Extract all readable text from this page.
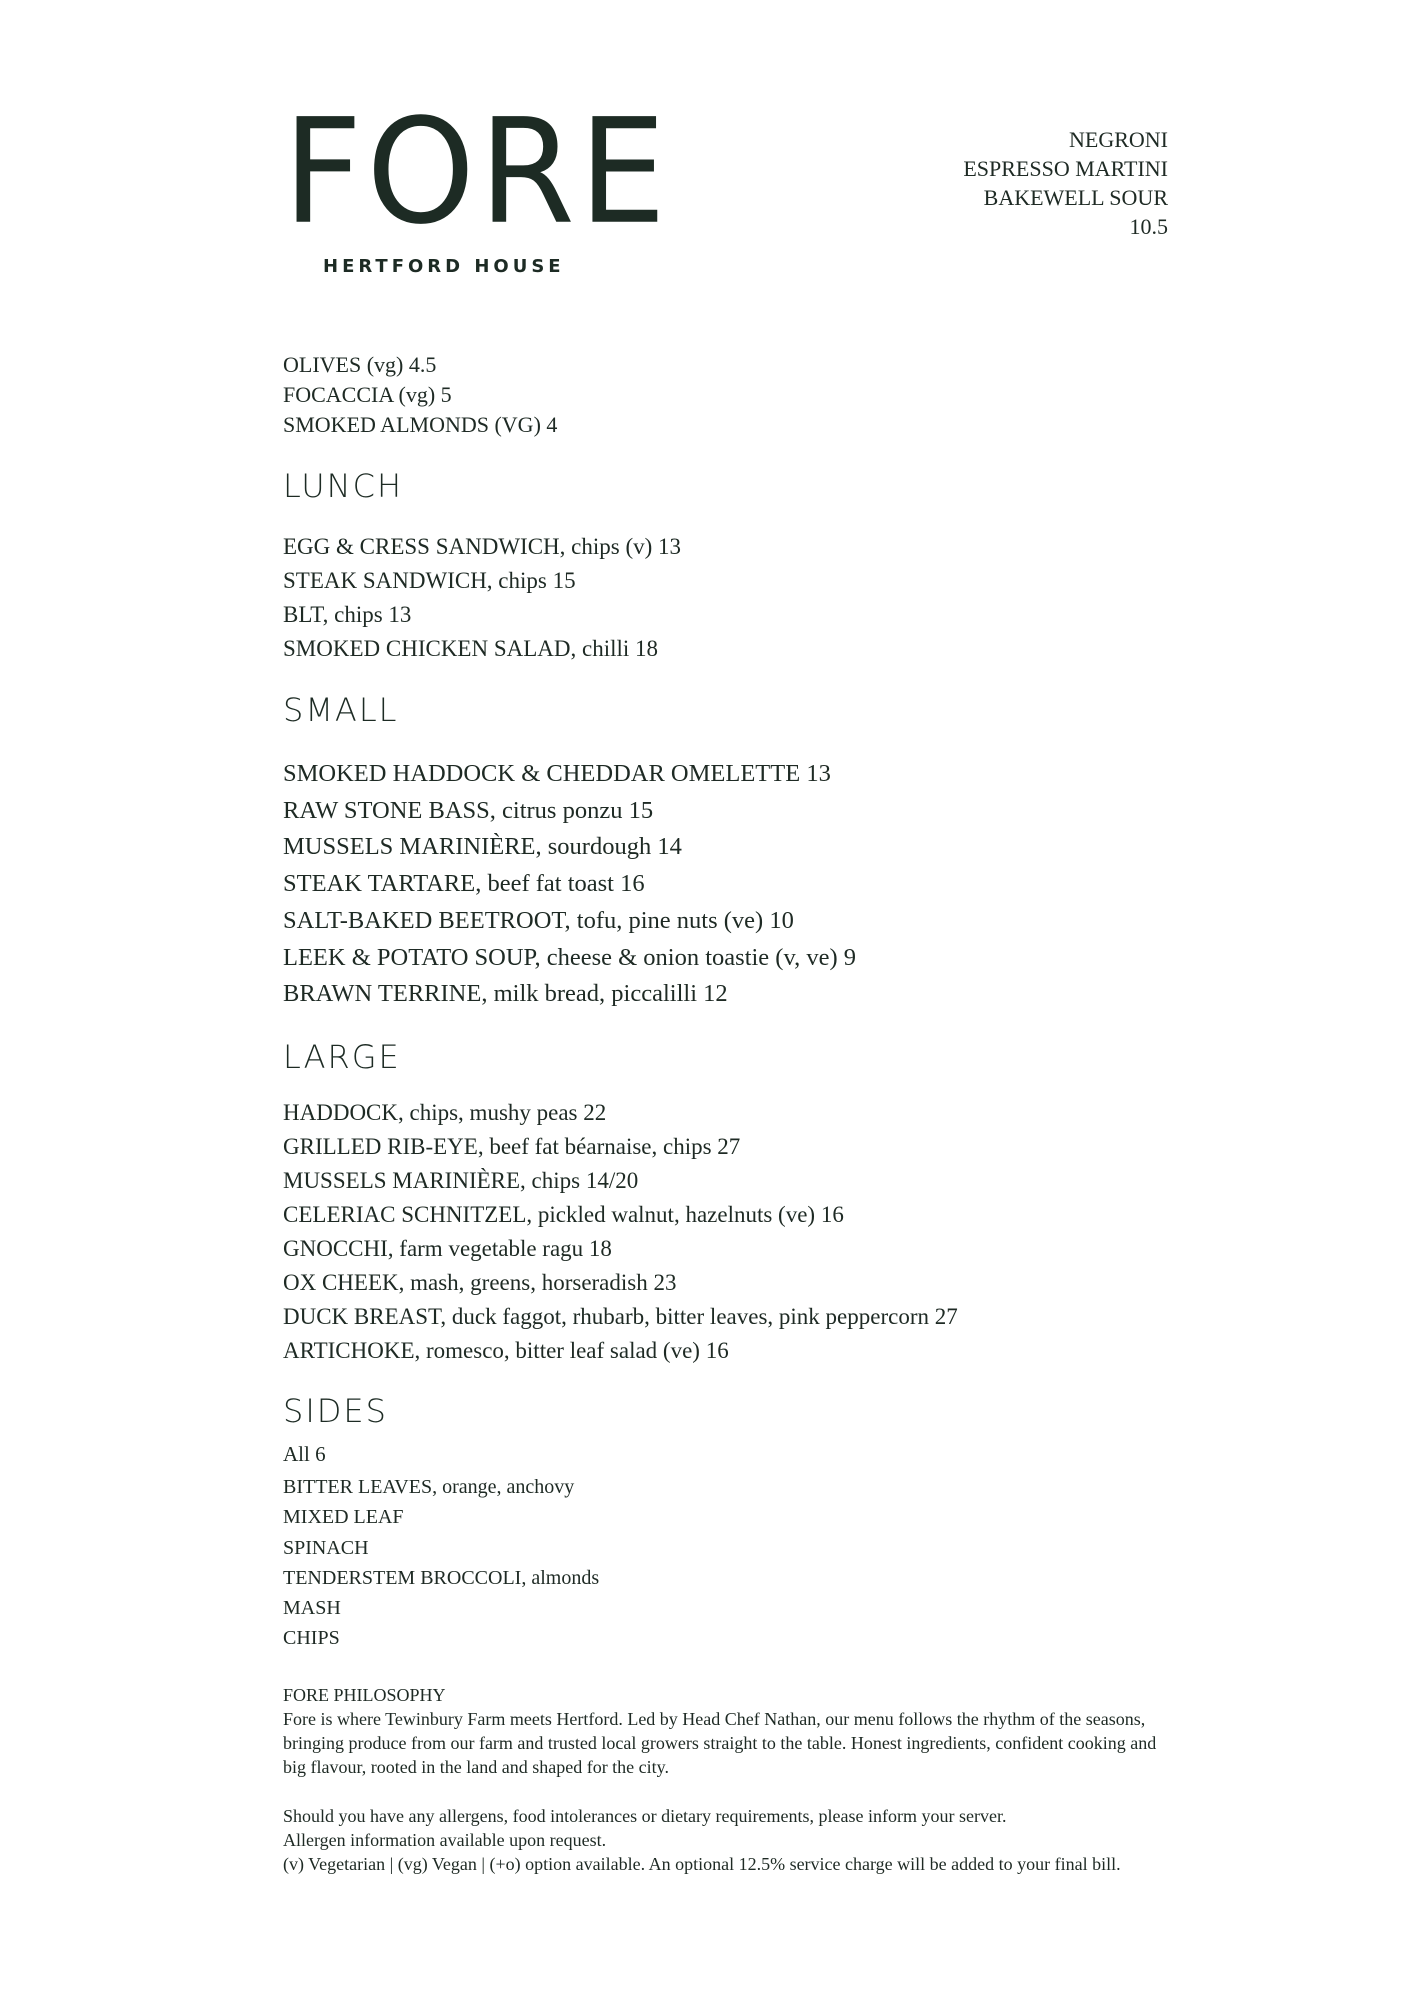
FORE
HERTFORD HOUSE
NEGRONI
ESPRESSO MARTINI
BAKEWELL SOUR
10.5
OLIVES (vg) 4.5
FOCACCIA (vg) 5
SMOKED ALMONDS (VG) 4
LUNCH
EGG & CRESS SANDWICH, chips (v) 13
STEAK SANDWICH, chips 15
BLT, chips 13
SMOKED CHICKEN SALAD, chilli 18
SMALL
SMOKED HADDOCK & CHEDDAR OMELETTE 13
RAW STONE BASS, citrus ponzu 15
MUSSELS MARINIÈRE, sourdough 14
STEAK TARTARE, beef fat toast 16
SALT-BAKED BEETROOT, tofu, pine nuts (ve) 10
LEEK & POTATO SOUP, cheese & onion toastie (v, ve) 9
BRAWN TERRINE, milk bread, piccalilli 12
LARGE
HADDOCK, chips, mushy peas 22
GRILLED RIB-EYE, beef fat béarnaise, chips 27
MUSSELS MARINIÈRE, chips 14/20
CELERIAC SCHNITZEL, pickled walnut, hazelnuts (ve) 16
GNOCCHI, farm vegetable ragu 18
OX CHEEK, mash, greens, horseradish 23
DUCK BREAST, duck faggot, rhubarb, bitter leaves, pink peppercorn 27
ARTICHOKE, romesco, bitter leaf salad (ve) 16
SIDES
All 6
BITTER LEAVES, orange, anchovy
MIXED LEAF
SPINACH
TENDERSTEM BROCCOLI, almonds
MASH
CHIPS

FORE PHILOSOPHY

Fore is where Tewinbury Farm meets Hertford. Led by Head Chef Nathan, our menu follows the rhythm of the seasons, bringing produce from our farm and trusted local growers straight to the table. Honest ingredients, confident cooking and big flavour, rooted in the land and shaped for the city.

Should you have any allergens, food intolerances or dietary requirements, please inform your server.

Allergen information available upon request.

(v) Vegetarian | (vg) Vegan | (+o) option available. An optional 12.5% service charge will be added to your final bill.
